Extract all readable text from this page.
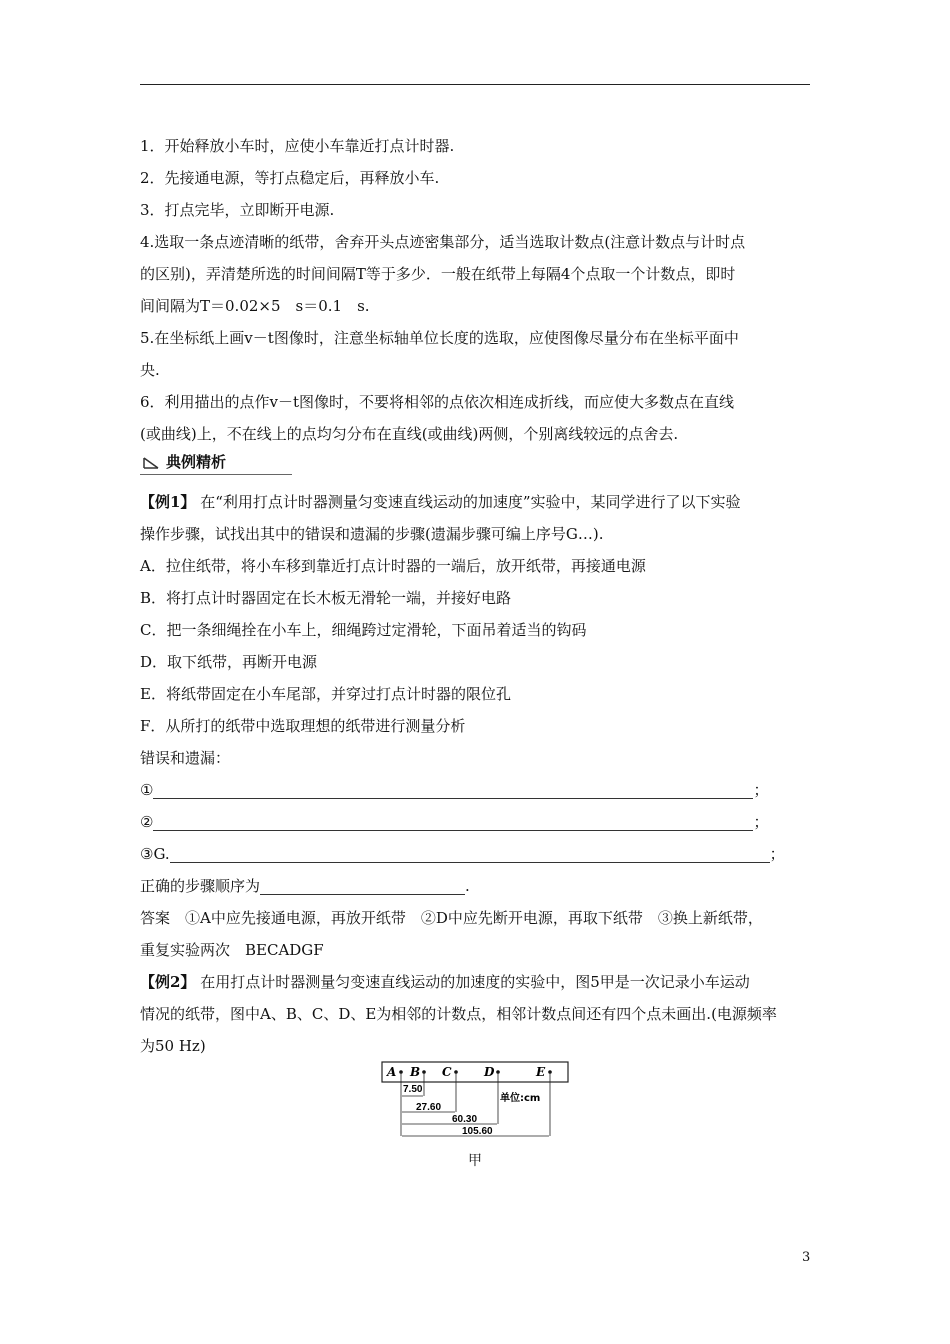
1．开始释放小车时，应使小车靠近打点计时器.
2．先接通电源，等打点稳定后，再释放小车.
3．打点完毕，立即断开电源.
4.选取一条点迹清晰的纸带，舍弃开头点迹密集部分，适当选取计数点(注意计数点与计时点
的区别)，弄清楚所选的时间间隔T等于多少．一般在纸带上每隔4个点取一个计数点，即时
间间隔为T＝0.02×5　s＝0.1　s.
5.在坐标纸上画v－t图像时，注意坐标轴单位长度的选取，应使图像尽量分布在坐标平面中
央.
6．利用描出的点作v－t图像时，不要将相邻的点依次相连成折线，而应使大多数点在直线
(或曲线)上，不在线上的点均匀分布在直线(或曲线)两侧，个别离线较远的点舍去.
典例精析
【例1】 在“利用打点计时器测量匀变速直线运动的加速度”实验中，某同学进行了以下实验
操作步骤，试找出其中的错误和遗漏的步骤(遗漏步骤可编上序号G…).
A．拉住纸带，将小车移到靠近打点计时器的一端后，放开纸带，再接通电源
B．将打点计时器固定在长木板无滑轮一端，并接好电路
C．把一条细绳拴在小车上，细绳跨过定滑轮，下面吊着适当的钩码
D．取下纸带，再断开电源
E．将纸带固定在小车尾部，并穿过打点计时器的限位孔
F．从所打的纸带中选取理想的纸带进行测量分析
错误和遗漏：
①	；
②	；
③G.	；
正确的步骤顺序为	.
答案　①A中应先接通电源，再放开纸带　②D中应先断开电源，再取下纸带　③换上新纸带，
重复实验两次　BECADGF
【例2】 在用打点计时器测量匀变速直线运动的加速度的实验中，图5甲是一次记录小车运动
情况的纸带，图中A、B、C、D、E为相邻的计数点，相邻计数点间还有四个点未画出.(电源频率
为50 Hz)
A B C	D	E
7.50
27.60
60.30
105.60
单位:cm
甲
3
